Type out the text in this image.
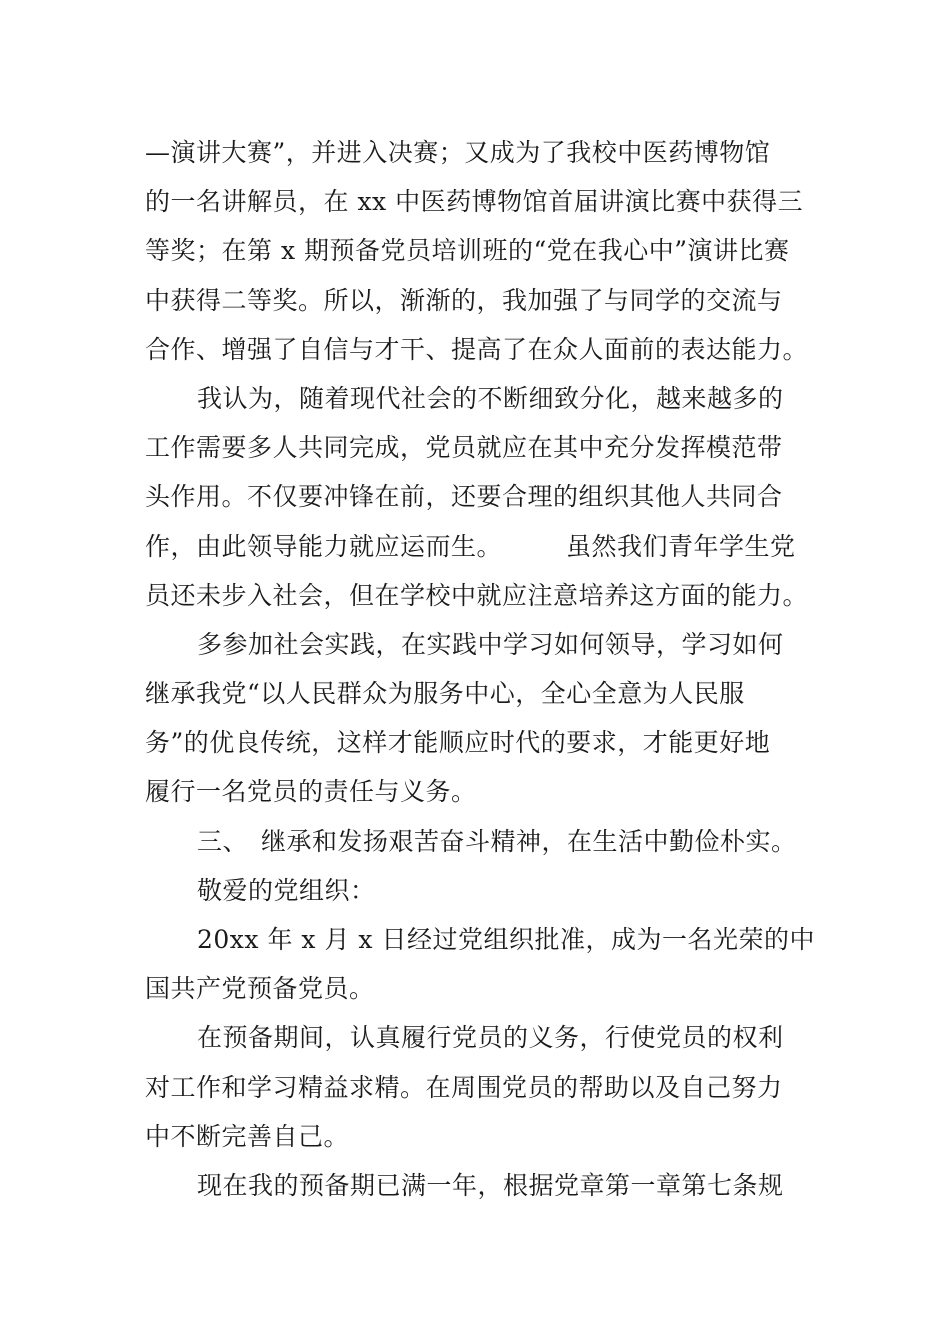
—演讲大赛”，并进入决赛；又成为了我校中医药博物馆
的一名讲解员，在 xx 中医药博物馆首届讲演比赛中获得三
等奖；在第 x 期预备党员培训班的“党在我心中”演讲比赛
中获得二等奖。所以，渐渐的，我加强了与同学的交流与
合作、增强了自信与才干、提高了在众人面前的表达能力。
我认为，随着现代社会的不断细致分化，越来越多的
工作需要多人共同完成，党员就应在其中充分发挥模范带
头作用。不仅要冲锋在前，还要合理的组织其他人共同合
作，由此领导能力就应运而生。　　　虽然我们青年学生党
员还未步入社会，但在学校中就应注意培养这方面的能力。
多参加社会实践，在实践中学习如何领导，学习如何
继承我党“以人民群众为服务中心，全心全意为人民服
务”的优良传统，这样才能顺应时代的要求，才能更好地
履行一名党员的责任与义务。
三、　继承和发扬艰苦奋斗精神，在生活中勤俭朴实。
敬爱的党组织：
20xx 年 x 月 x 日经过党组织批准，成为一名光荣的中
国共产党预备党员。
在预备期间，认真履行党员的义务，行使党员的权利
对工作和学习精益求精。在周围党员的帮助以及自己努力
中不断完善自己。
现在我的预备期已满一年，根据党章第一章第七条规
